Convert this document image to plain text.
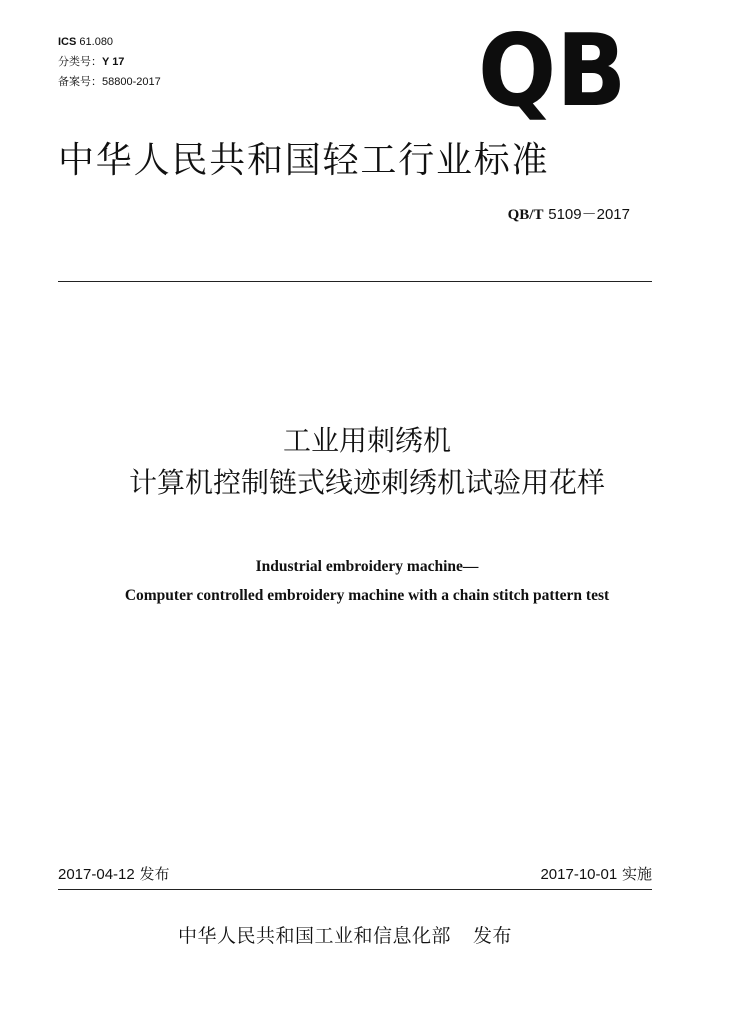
ICS 61.080
分类号：Y 17
备案号：58800-2017	QB
中华人民共和国轻工行业标准
QB/T 5109－2017
工业用刺绣机
计算机控制链式线迹刺绣机试验用花样
Industrial embroidery machine—
Computer controlled embroidery machine with a chain stitch pattern test
2017-04-12 发布	2017-10-01 实施
中华人民共和国工业和信息化部 发布
